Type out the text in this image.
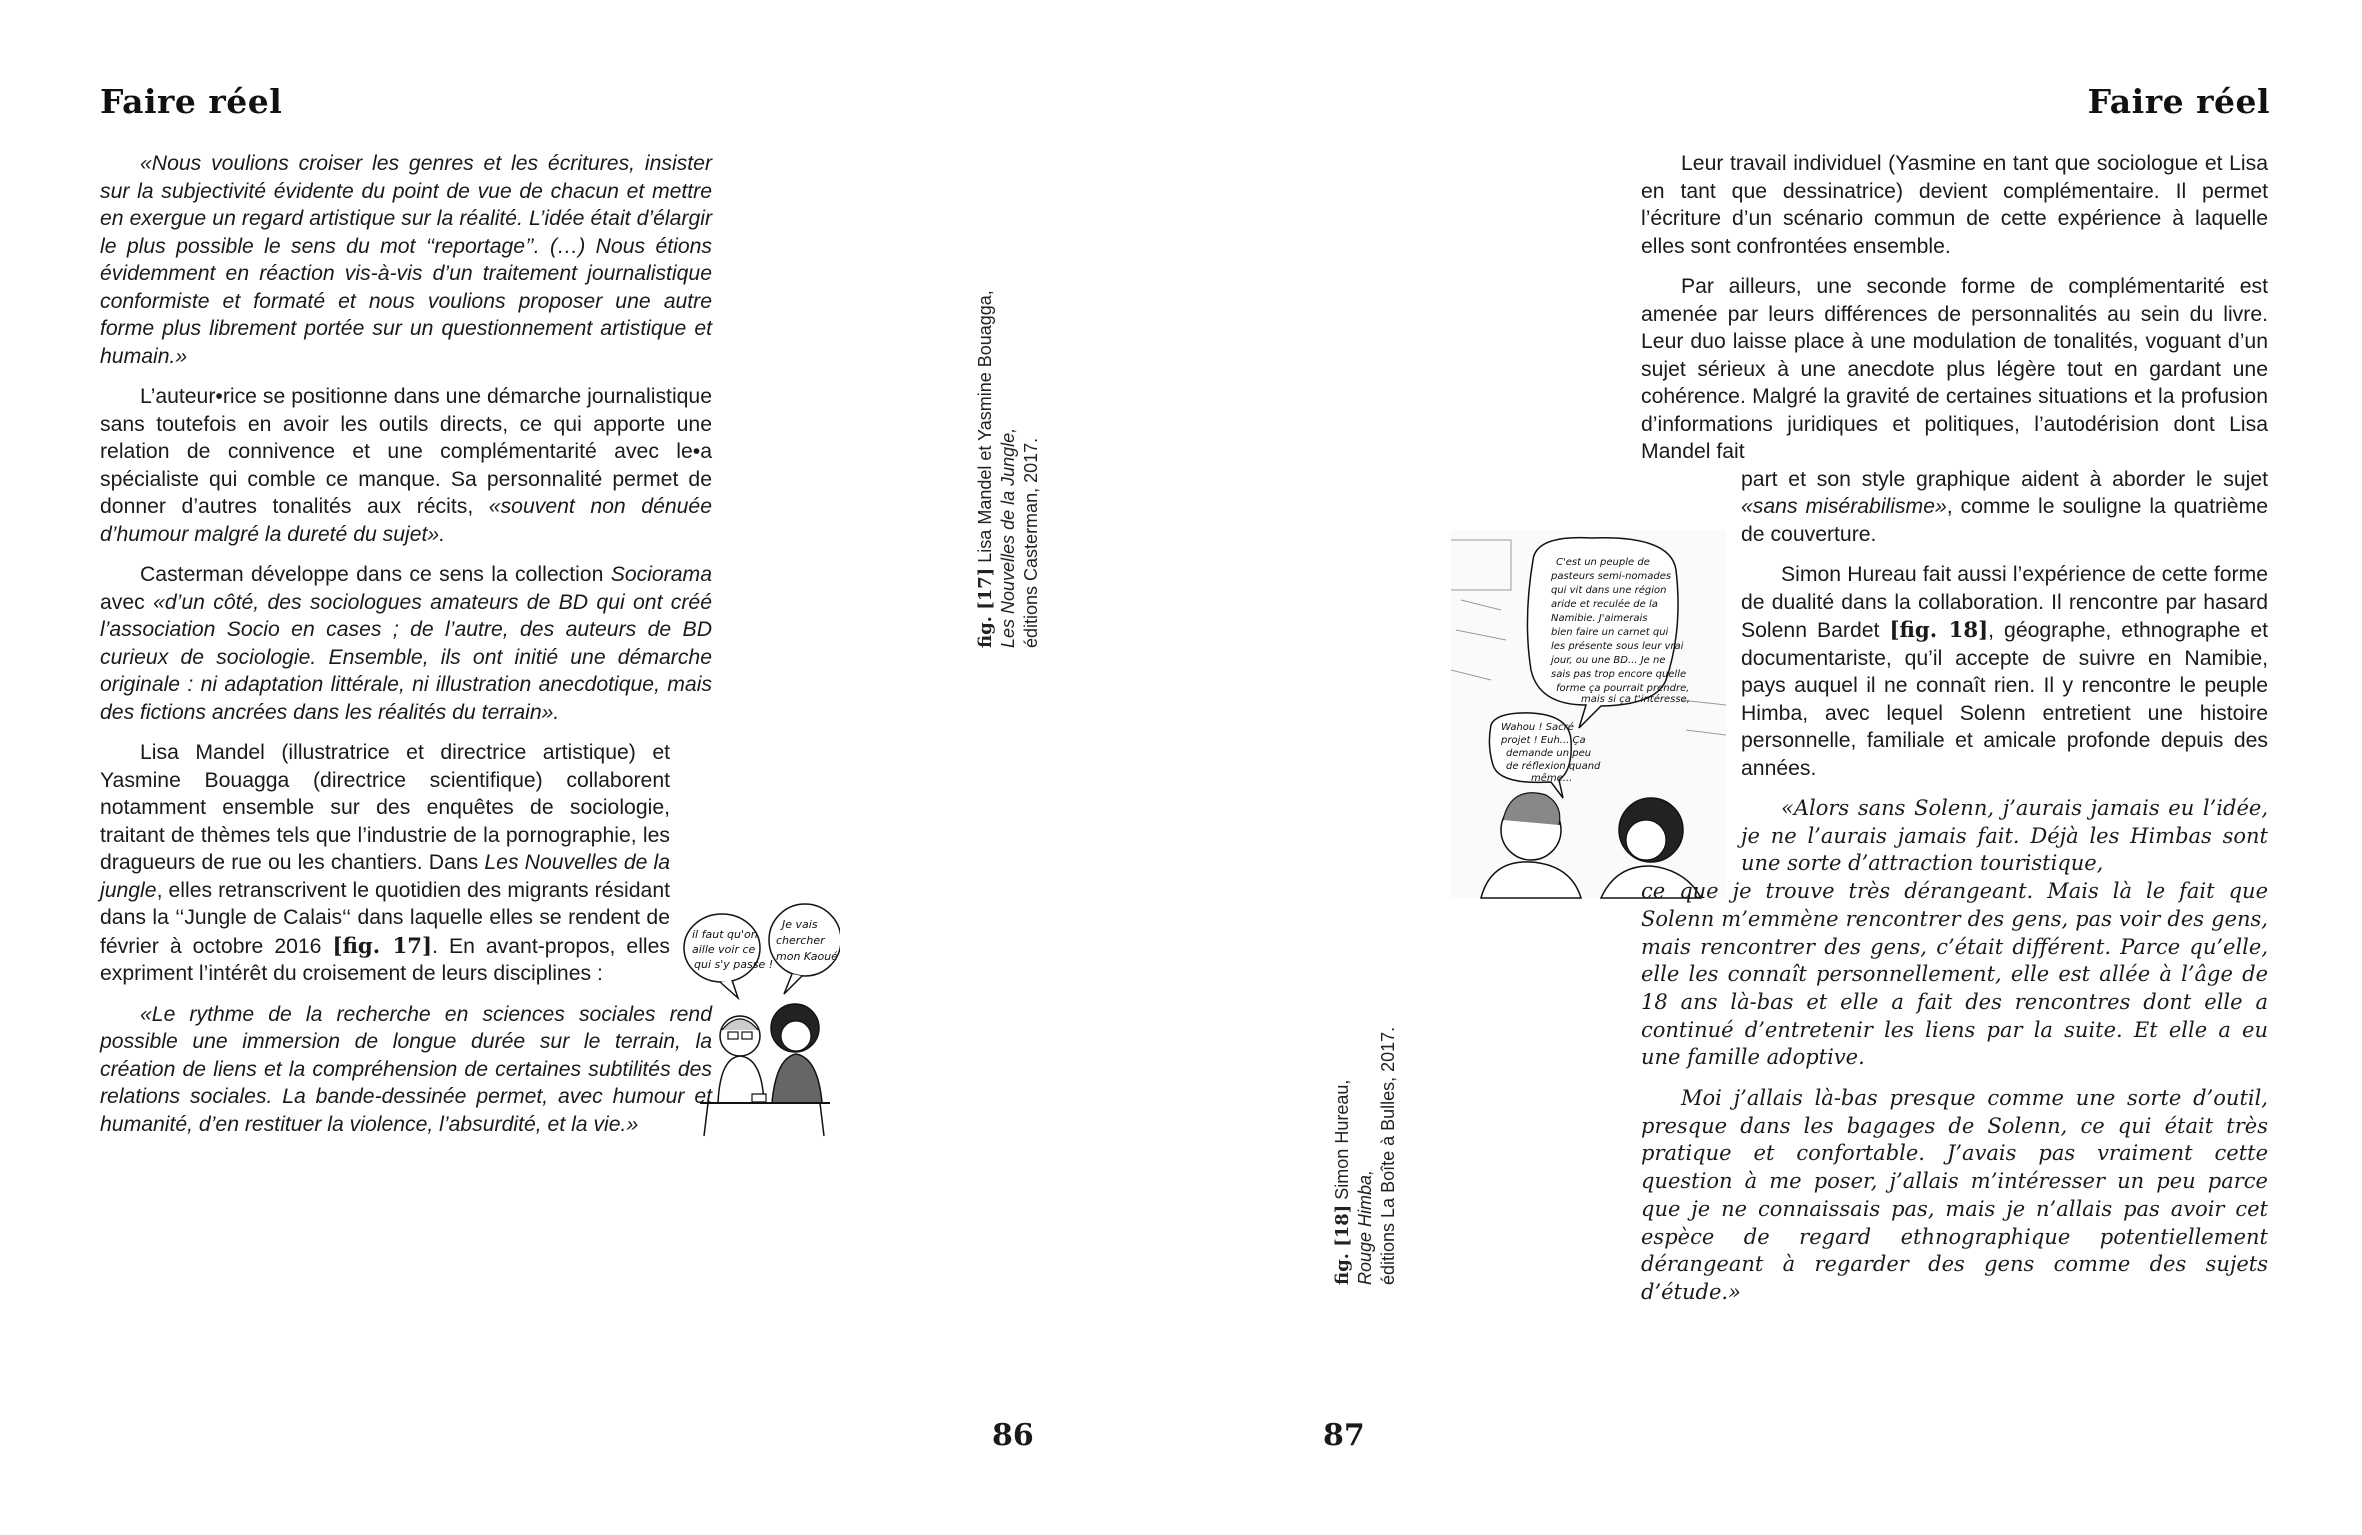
Faire réel

«Nous voulions croiser les genres et les écritures, insister sur la subjectivité évidente du point de vue de chacun et mettre en exergue un regard artistique sur la réalité. L’idée était d’élargir le plus possible le sens du mot ‘‘reportage’’. (…) Nous étions évidemment en réaction vis-à-vis d’un traitement journalistique conformiste et formaté et nous voulions proposer une autre forme plus librement portée sur un questionnement artistique et humain.»

L’auteur•rice se positionne dans une démarche journalistique sans toutefois en avoir les outils directs, ce qui apporte une relation de connivence et une complémentarité avec le•a spécialiste qui comble ce manque. Sa personnalité permet de donner d’autres tonalités aux récits, «souvent non dénuée d’humour malgré la dureté du sujet».

Casterman développe dans ce sens la collection Sociorama avec «d’un côté, des sociologues amateurs de BD qui ont créé l’association Socio en cases ; de l’autre, des auteurs de BD curieux de sociologie. Ensemble, ils ont initié une démarche originale : ni adaptation littérale, ni illustration anecdotique, mais des fictions ancrées dans les réalités du terrain».

Lisa Mandel (illustratrice et directrice artistique) et Yasmine Bouagga (directrice scientifique) collaborent notamment ensemble sur des enquêtes de sociologie, traitant de thèmes tels que l’industrie de la pornographie, les dragueurs de rue ou les chantiers. Dans Les Nouvelles de la jungle, elles retranscrivent le quotidien des migrants résidant dans la ‘‘Jungle de Calais‘‘ dans laquelle elles se rendent de février à octobre 2016 [fig. 17]. En avant-propos, elles expriment l’intérêt du croisement de leurs disciplines :

«Le rythme de la recherche en sciences sociales rend possible une immersion de longue durée sur le terrain, la création de liens et la compréhension de certaines subtilités des relations sociales. La bande-dessinée permet, avec humour et humanité, d’en restituer la violence, l’absurdité, et la vie.»

il faut qu'on
aille voir ce
qui s'y passe !
Je vais
chercher
mon Kaoué
fig. [17] Lisa Mandel et Yasmine Bouagga, Les Nouvelles de la Jungle, éditions Casterman, 2017.
86
Faire réel
fig. [18] Simon Hureau,
Rouge Himba, éditions La Boîte à Bulles, 2017.
C'est un peuple de
pasteurs semi-nomades
qui vit dans une région
aride et reculée de la
Namibie. J'aimerais
bien faire un carnet qui
les présente sous leur vrai
jour, ou une BD... Je ne
sais pas trop encore quelle
forme ça pourrait prendre,
mais si ça t'intéresse,
Wahou ! Sacré
projet ! Euh... Ça
demande un peu
de réflexion quand
même...

Leur travail individuel (Yasmine en tant que sociologue et Lisa en tant que dessinatrice) devient complémentaire. Il permet l’écriture d’un scénario commun de cette expérience à laquelle elles sont confrontées ensemble.

Par ailleurs, une seconde forme de complémentarité est amenée par leurs différences de personnalités au sein du livre. Leur duo laisse place à une modulation de tonalités, voguant d’un sujet sérieux à une anecdote plus légère tout en gardant une cohérence. Malgré la gravité de certaines situations et la profusion d’informations juridiques et politiques, l’autodérision dont Lisa Mandel fait

part et son style graphique aident à aborder le sujet «sans misérabilisme», comme le souligne la quatrième de couverture.

Simon Hureau fait aussi l’expérience de cette forme de dualité dans la collaboration. Il rencontre par hasard Solenn Bardet [fig. 18], géographe, ethnographe et documentariste, qu’il accepte de suivre en Namibie, pays auquel il ne connaît rien. Il y rencontre le peuple Himba, avec lequel Solenn entretient une histoire personnelle, familiale et amicale profonde depuis des années.

«Alors sans Solenn, j’aurais jamais eu l’idée, je ne l’aurais jamais fait. Déjà les Himbas sont une sorte d’attraction touristique,

ce que je trouve très dérangeant. Mais là le fait que Solenn m’emmène rencontrer des gens, pas voir des gens, mais rencontrer des gens, c’était différent. Parce qu’elle, elle les connaît personnellement, elle est allée à l’âge de 18 ans là-bas et elle a fait des rencontres dont elle a continué d’entretenir les liens par la suite. Et elle a eu une famille adoptive.

Moi j’allais là-bas presque comme une sorte d’outil, presque dans les bagages de Solenn, ce qui était très pratique et confortable. J’avais pas vraiment cette question à me poser, j’allais m’intéresser un peu parce que je ne connaissais pas, mais je n’allais pas avoir cet espèce de regard ethnographique potentiellement dérangeant à regarder des gens comme des sujets d’étude.»

87
